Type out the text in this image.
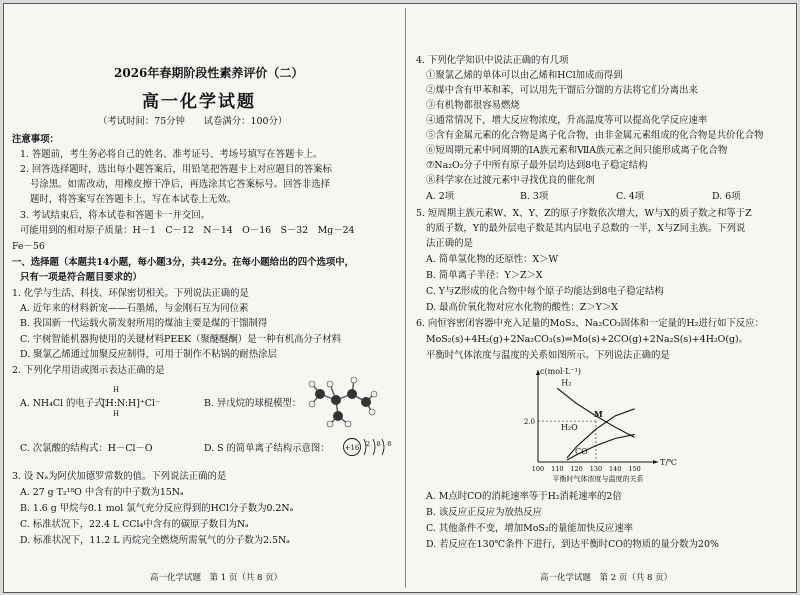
2026年春期阶段性素养评价（二）
高一化学试题
（考试时间：75分钟　　试卷满分：100分）
注意事项：
1. 答题前，考生务必将自己的姓名、准考证号、考场号填写在答题卡上。
2. 回答选择题时，选出每小题答案后，用铅笔把答题卡上对应题目的答案标
号涂黑。如需改动，用橡皮擦干净后，再选涂其它答案标号。回答非选择
题时，将答案写在答题卡上，写在本试卷上无效。
3. 考试结束后，将本试卷和答题卡一并交回。
可能用到的相对原子质量：H－1　C－12　N－14　O－16　S－32　Mg－24
Fe－56
一、选择题（本题共14小题，每小题3分，共42分。在每小题给出的四个选项中，
只有一项是符合题目要求的）
1. 化学与生活、科技、环保密切相关。下列说法正确的是
A. 近年来的材料新宠——石墨烯，与金刚石互为同位素
B. 我国新一代运载火箭发射所用的煤油主要是煤的干馏制得
C. 宇树智能机器狗使用的关键材料PEEK（聚醚醚酮）是一种有机高分子材料
D. 聚氯乙烯通过加聚反应制得，可用于制作不粘锅的耐热涂层
2. 下列化学用语或图示表达正确的是
A. NH₄Cl 的电子式：
H
[H:N:H]⁺Cl⁻
H
B. 异戊烷的球棍模型：
C. 次氯酸的结构式：H－Cl－O	D. S 的简单离子结构示意图： +16 2　8　8
3. 设 Nₐ为阿伏加德罗常数的值。下列说法正确的是
A. 27 g T₂¹⁸O 中含有的中子数为15Nₐ
B. 1.6 g 甲烷与0.1 mol 氯气充分反应得到的HCl分子数为0.2Nₐ
C. 标准状况下，22.4 L CCl₄中含有的碳原子数目为Nₐ
D. 标准状况下，11.2 L 丙烷完全燃烧所需氧气的分子数为2.5Nₐ
高一化学试题　第 1 页（共 8 页）
4. 下列化学知识中说法正确的有几项
①聚氯乙烯的单体可以由乙烯和HCl加成而得到
②煤中含有甲苯和苯，可以用先干馏后分馏的方法将它们分离出来
③有机物都很容易燃烧
④通常情况下，增大反应物浓度，升高温度等可以提高化学反应速率
⑤含有金属元素的化合物是离子化合物，由非金属元素组成的化合物是共价化合物
⑥短周期元素中同周期的ⅠA族元素和ⅦA族元素之间只能形成离子化合物
⑦Na₂O₂分子中所有原子最外层均达到8电子稳定结构
⑧科学家在过渡元素中寻找优良的催化剂
A. 2项	B. 3项	C. 4项	D. 6项
5. 短周期主族元素W、X、Y、Z的原子序数依次增大，W与X的质子数之和等于Z
的质子数，Y的最外层电子数是其内层电子总数的一半，X与Z同主族。下列说
法正确的是
A. 简单氢化物的还原性：X＞W
B. 简单离子半径：Y＞Z＞X
C. Y与Z形成的化合物中每个原子均能达到8电子稳定结构
D. 最高价氧化物对应水化物的酸性：Z＞Y＞X
6. 向恒容密闭容器中充入足量的MoS₂、Na₂CO₃固体和一定量的H₂进行如下反应：
MoS₂(s)+4H₂(g)+2Na₂CO₃(s)⇌Mo(s)+2CO(g)+2Na₂S(s)+4H₂O(g)。
平衡时气体浓度与温度的关系如图所示。下列说法正确的是
c(mol·L⁻¹)
T/℃
100 110 120 130 140 150
2.0
H₂
H₂O
CO
M
平衡时气体浓度与温度的关系
A. M点时CO的消耗速率等于H₂消耗速率的2倍
B. 该反应正反应为放热反应
C. 其他条件不变，增加MoS₂的量能加快反应速率
D. 若反应在130℃条件下进行，到达平衡时CO的物质的量分数为20%
高一化学试题　第 2 页（共 8 页）
